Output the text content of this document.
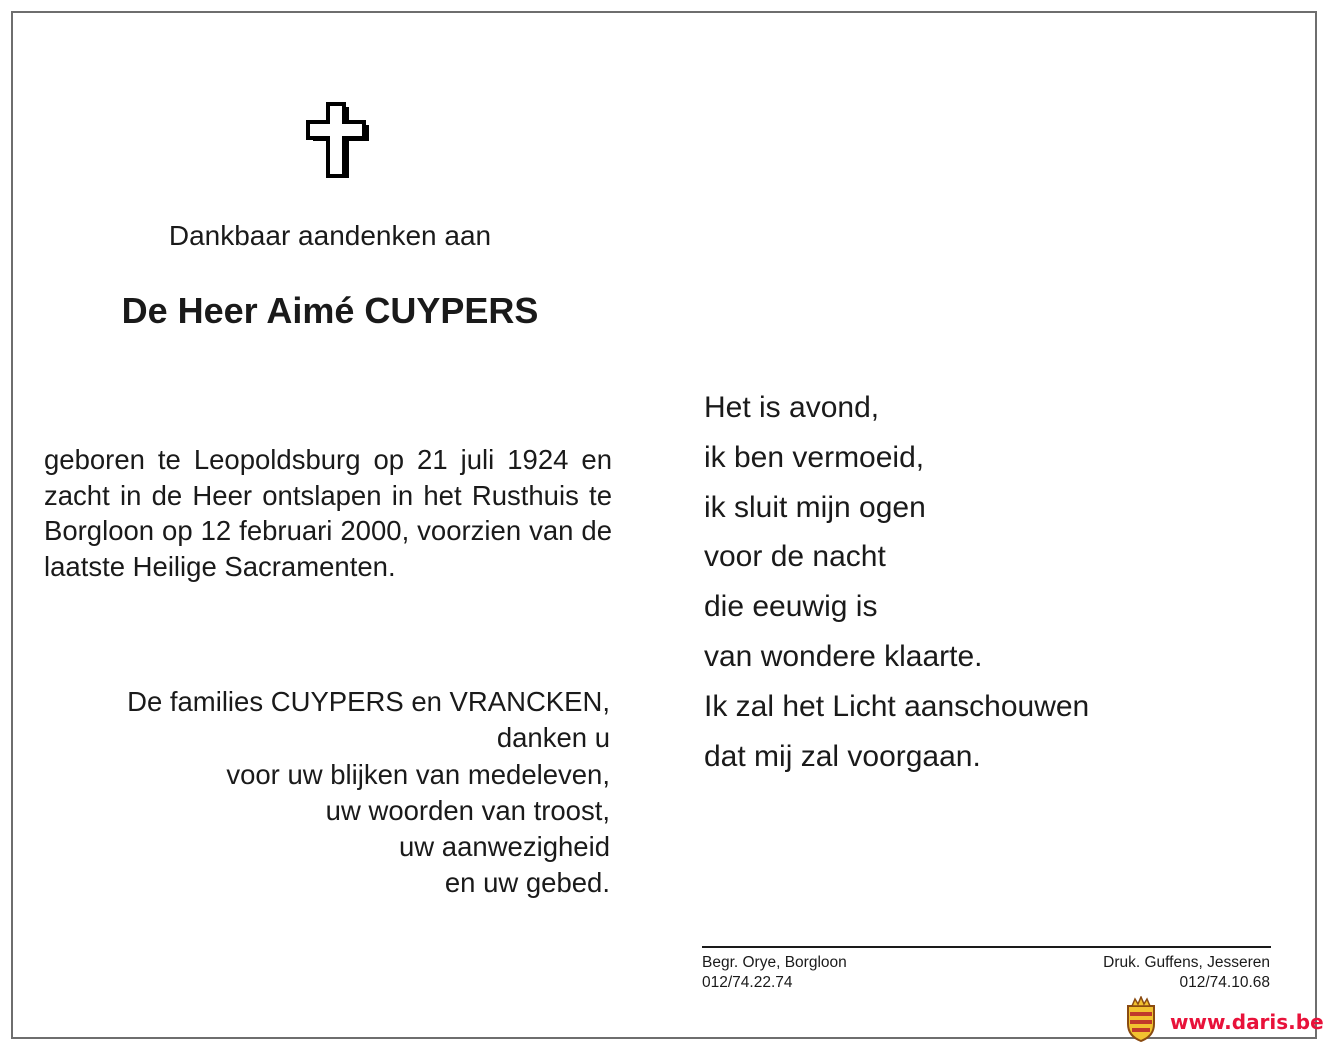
Dankbaar aandenken aan
De Heer Aimé CUYPERS
geboren te Leopoldsburg op 21 juli 1924 en zacht in de Heer ontslapen in het Rusthuis te Borgloon op 12 februari 2000, voorzien van de laatste Heilige Sacramenten.
De families CUYPERS en VRANCKEN,
danken u
voor uw blijken van medeleven,
uw woorden van troost,
uw aanwezigheid
en uw gebed.
Het is avond,
ik ben vermoeid,
ik sluit mijn ogen
voor de nacht
die eeuwig is
van wondere klaarte.
Ik zal het Licht aanschouwen
dat mij zal voorgaan.
Begr. Orye, Borgloon
012/74.22.74
Druk. Guffens, Jesseren
012/74.10.68
www.daris.be
